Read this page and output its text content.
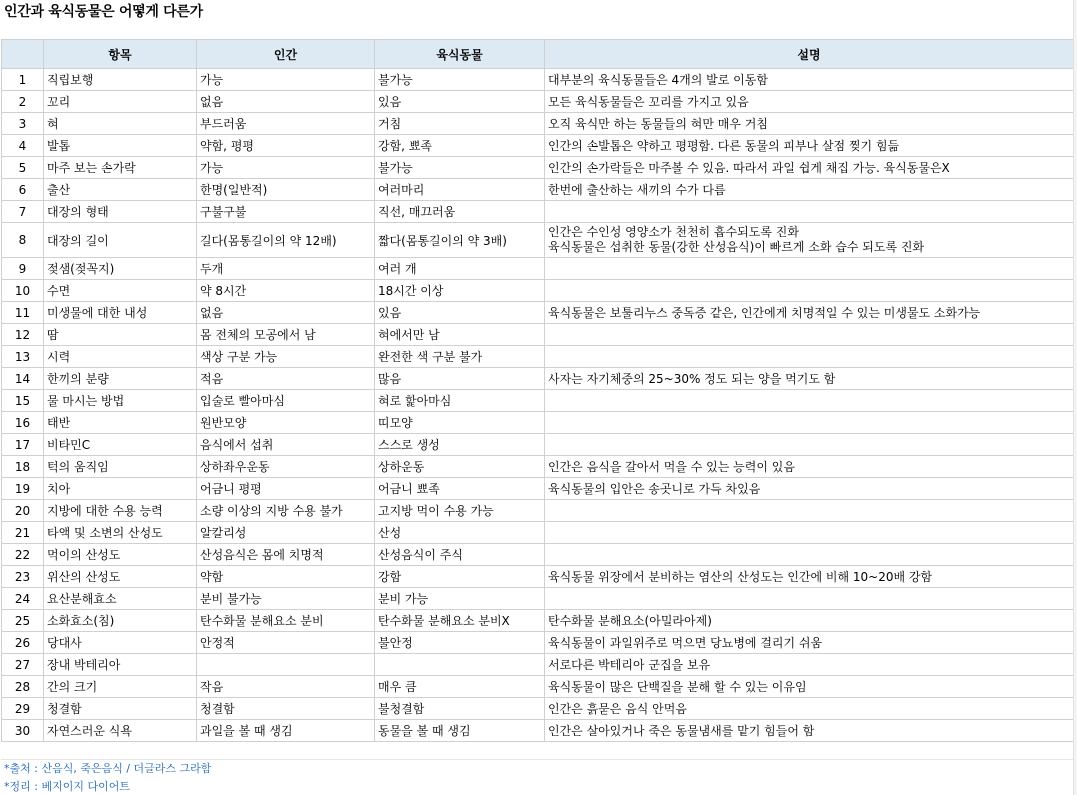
인간과 육식동물은 어떻게 다른가
	항목	인간	육식동물	설명
1	직립보행	가능	불가능	대부분의 육식동물들은 4개의 발로 이동함

2	꼬리	없음	있음	모든 육식동물들은 꼬리를 가지고 있음

3	혀	부드러움	거침	오직 육식만 하는 동물들의 혀만 매우 거침

4	발톱	약함, 평평	강함, 뾰족	인간의 손발톱은 약하고 평평함. 다른 동물의 피부나 살점 찢기 힘듦

5	마주 보는 손가락	가능	불가능	인간의 손가락들은 마주볼 수 있음. 따라서 과일 쉽게 채집 가능. 육식동물은X

6	출산	한명(일반적)	여러마리	한번에 출산하는 새끼의 수가 다름

7	대장의 형태	구불구불	직선, 매끄러움	
8	대장의 길이	길다(몸통길이의 약 12배)	짧다(몸통길이의 약 3배)	인간은 수인성 영양소가 천천히 흡수되도록 진화
육식동물은 섭취한 동물(강한 산성음식)이 빠르게 소화 습수 되도록 진화

9	젖샘(젖꼭지)	두개	여러 개	
10	수면	약 8시간	18시간 이상	
11	미생물에 대한 내성	없음	있음	육식동물은 보툴리누스 중독증 같은, 인간에게 치명적일 수 있는 미생물도 소화가능

12	땀	몸 전체의 모공에서 남	혀에서만 남	
13	시력	색상 구분 가능	완전한 색 구분 불가	
14	한끼의 분량	적음	많음	사자는 자기체중의 25~30% 정도 되는 양을 먹기도 함

15	물 마시는 방법	입술로 빨아마심	혀로 핥아마심	
16	태반	원반모양	띠모양	
17	비타민C	음식에서 섭취	스스로 생성	
18	턱의 움직임	상하좌우운동	상하운동	인간은 음식을 갈아서 먹을 수 있는 능력이 있음

19	치아	어금니 평평	어금니 뾰족	육식동물의 입안은 송곳니로 가득 차있음

20	지방에 대한 수용 능력	소량 이상의 지방 수용 불가	고지방 먹이 수용 가능	
21	타액 및 소변의 산성도	알칼리성	산성	
22	먹이의 산성도	산성음식은 몸에 치명적	산성음식이 주식	
23	위산의 산성도	약함	강함	육식동물 위장에서 분비하는 염산의 산성도는 인간에 비해 10~20배 강함

24	요산분해효소	분비 불가능	분비 가능	
25	소화효소(침)	탄수화물 분해요소 분비	탄수화물 분해요소 분비X	탄수화물 분해요소(아밀라아제)

26	당대사	안정적	불안정	육식동물이 과일위주로 먹으면 당뇨병에 걸리기 쉬움

27	장내 박테리아			서로다른 박테리아 군집을 보유

28	간의 크기	작음	매우 큼	육식동물이 많은 단백질을 분해 할 수 있는 이유임

29	청결함	청결함	불청결함	인간은 흙묻은 음식 안먹음

30	자연스러운 식욕	과일을 볼 때 생김	동물을 볼 때 생김	인간은 살아있거나 죽은 동물냄새를 맡기 힘들어 함
*출처 : 산음식, 죽은음식 / 더글라스 그라함
*정리 : 베지이지 다이어트
